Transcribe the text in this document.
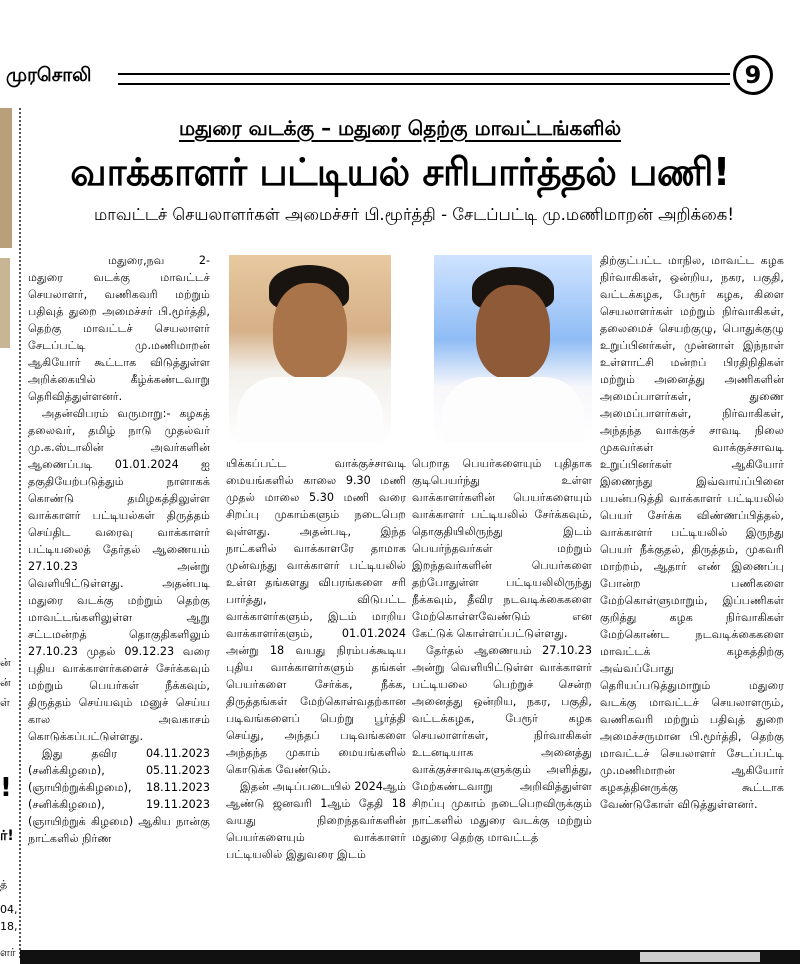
முரசொலி	9
ன்
ன்
ள்
!
ர்!
த்
04,
18,
ளர்
மதுரை வடக்கு – மதுரை தெற்கு மாவட்டங்களில்
வாக்காளர் பட்டியல் சரிபார்த்தல் பணி!
மாவட்டச் செயலாளர்கள் அமைச்சர் பி.மூர்த்தி - சேடப்பட்டி மு.மணிமாறன் அறிக்கை!

மதுரை,நவ 2- மதுரை வடக்கு மாவட்டச் செயலாளர், வணிகவரி மற்றும் பதிவுத் துறை அமைச்சர் பி.மூர்த்தி, தெற்கு மாவட்டச் செயலாளர் சேடப்பட்டி மு.மணிமாறன் ஆகியோர் கூட்டாக விடுத்துள்ள அறிக்கையில் கீழ்க்கண்டவாறு தெரிவித்துள்ளனர்.

அதன்விபரம் வருமாறு:- கழகத் தலைவர், தமிழ் நாடு முதல்வர் மு.க.ஸ்டாலின் அவர்களின் ஆணைப்படி 01.01.2024 ஐ தகுதியேற்படுத்தும் நாளாகக் கொண்டு தமிழகத்திலுள்ள வாக்காளர் பட்டியல்கள் திருத்தம் செய்திட வரைவு வாக்காளர் பட்டியலைத் தேர்தல் ஆணையம் 27.10.23 அன்று வெளியிட்டுள்ளது. அதன்படி மதுரை வடக்கு மற்றும் தெற்கு மாவட்டங்களிலுள்ள ஆறு சட்டமன்றத் தொகுதிகளிலும் 27.10.23 முதல் 09.12.23 வரை புதிய வாக்காளர்களைச் சேர்க்கவும் மற்றும் பெயர்கள் நீக்கவும், திருத்தம் செய்யவும் மனுச் செய்ய கால அவகாசம் கொடுக்கப்பட்டுள்ளது.

இது தவிர 04.11.2023 (சனிக்கிழமை), 05.11.2023 (ஞாயிற்றுக்கிழமை), 18.11.2023 (சனிக்கிழமை), 19.11.2023 (ஞாயிற்றுக் கிழமை) ஆகிய நான்கு நாட்களில் நிர்ண

யிக்கப்பட்ட வாக்குச்சாவடி மையங்களில் காலை 9.30 மணி முதல் மாலை 5.30 மணி வரை சிறப்பு முகாம்களும் நடைபெற வுள்ளது. அதன்படி, இந்த நாட்களில் வாக்காளரே தாமாக முன்வந்து வாக்காளர் பட்டியலில் உள்ள தங்களது விபரங்களை சரி பார்த்து, விடுபட்ட வாக்காளர்களும், இடம் மாறிய வாக்காளர்களும், 01.01.2024 அன்று 18 வயது நிரம்பக்கூடிய புதிய வாக்காளர்களும் தங்கள் பெயர்களை சேர்க்க, நீக்க, திருத்தங்கள் மேற்கொள்வதற்கான படிவங்களைப் பெற்று பூர்த்தி செய்து, அந்தப் படிவங்களை அந்தந்த முகாம் மையங்களில் கொடுக்க வேண்டும்.

இதன் அடிப்படையில் 2024ஆம் ஆண்டு ஜனவரி 1ஆம் தேதி 18 வயது நிறைந்தவர்களின் பெயர்களையும் வாக்காளர் பட்டியலில் இதுவரை இடம்

பெறாத பெயர்களையும் புதிதாக குடிபெயர்ந்து உள்ள வாக்காளர்களின் பெயர்களையும் வாக்காளர் பட்டியலில் சேர்க்கவும், தொகுதியிலிருந்து இடம் பெயர்ந்தவர்கள் மற்றும் இறந்தவர்களின் பெயர்களை தற்போதுள்ள பட்டியலிலிருந்து நீக்கவும், தீவிர நடவடிக்கைகளை மேற்கொள்ளவேண்டும் என கேட்டுக் கொள்ளப்பட்டுள்ளது.

தேர்தல் ஆணையம் 27.10.23 அன்று வெளியிட்டுள்ள வாக்காளர் பட்டியலை பெற்றுச் சென்ற அனைத்து ஒன்றிய, நகர, பகுதி, வட்டக்கழக, பேரூர் கழக செயலாளர்கள், நிர்வாகிகள் உடனடியாக அனைத்து வாக்குச்சாவடிகளுக்கும் அளித்து, மேற்கண்டவாறு அறிவித்துள்ள சிறப்பு முகாம் நடைபெறவிருக்கும் நாட்களில் மதுரை வடக்கு மற்றும் மதுரை தெற்கு மாவட்டத்

திற்குட்பட்ட மாநில, மாவட்ட கழக நிர்வாகிகள், ஒன்றிய, நகர, பகுதி, வட்டக்கழக, பேரூர் கழக, கிளை செயலாளர்கள் மற்றும் நிர்வாகிகள், தலைமைச் செயற்குழு, பொதுக்குழு உறுப்பினர்கள், முன்னாள் இந்நாள் உள்ளாட்சி மன்றப் பிரதிநிதிகள் மற்றும் அனைத்து அணிகளின் அமைப்பாளர்கள், துணை அமைப்பாளர்கள், நிர்வாகிகள், அந்தந்த வாக்குச் சாவடி நிலை முகவர்கள் வாக்குச்சாவடி உறுப்பினர்கள் ஆகியோர் இணைந்து இவ்வாய்ப்பினை பயன்படுத்தி வாக்காளர் பட்டியலில் பெயர் சேர்க்க விண்ணப்பித்தல், வாக்காளர் பட்டியலில் இருந்து பெயர் நீக்குதல், திருத்தம், முகவரி மாற்றம், ஆதார் எண் இணைப்பு போன்ற பணிகளை மேற்கொள்ளுமாறும், இப்பணிகள் குறித்து கழக நிர்வாகிகள் மேற்கொண்ட நடவடிக்கைகளை மாவட்டக் கழகத்திற்கு அவ்வப்போது தெரியப்படுத்துமாறும் மதுரை வடக்கு மாவட்டச் செயலாளரும், வணிகவரி மற்றும் பதிவுத் துறை அமைச்சருமான பி.மூர்த்தி, தெற்கு மாவட்டச் செயலாளர் சேடப்பட்டி மு.மணிமாறன் ஆகியோர் கழகத்தினருக்கு கூட்டாக வேண்டுகோள் விடுத்துள்ளனர்.
